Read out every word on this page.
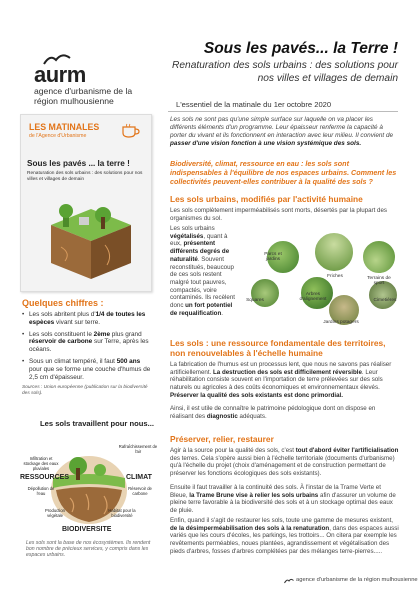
aurm
agence d'urbanisme de la région mulhousienne
Sous les pavés... la Terre !
Renaturation des sols urbains : des solutions pour nos villes et villages de demain
L'essentiel de la matinale du 1er octobre 2020
LES MATINALES
de l'Agence d'Urbanisme
Sous les pavés ... la terre !
Renaturation des sols urbains : des solutions pour nos villes et villages de demain
Quelques chiffres :
• Les sols abritent plus d'1/4 de toutes les espèces vivant sur terre.
• Les sols constituent le 2ème plus grand réservoir de carbone sur Terre, après les océans.
• Sous un climat tempéré, il faut 500 ans pour que se forme une couche d'humus de 2,5 cm d'épaisseur.
Sources : Union européenne (publication sur la biodiversité des sols).
Les sols travaillent pour nous...
Infiltration et stockage des eaux pluviales
Rafraîchissement de l'air
RESSOURCES	CLIMAT
Dépollution de l'eau
Réservoir de carbone
Production végétale
Habitat pour la biodiversité
BIODIVERSITE
Les sols sont la base de nos écosystèmes. Ils rendent bon nombre de précieux services, y compris dans les espaces urbains.
Les sols ne sont pas qu'une simple surface sur laquelle on va placer les différents éléments d'un programme. Leur épaisseur renferme la capacité à porter du vivant et ils fonctionnent en interaction avec leur milieu. Il convient de passer d'une vision fonction à une vision systémique des sols.
Biodiversité, climat, ressource en eau : les sols sont indispensables à l'équilibre de nos espaces urbains. Comment les collectivités peuvent-elles contribuer à la qualité des sols ?
Les sols urbains, modifiés par l'activité humaine
Les sols complètement imperméabilisés sont morts, désertés par la plupart des organismes du sol.
Les sols urbains végétalisés, quant à eux, présentent différents degrés de naturalité. Souvent reconstitués, beaucoup de ces sols restent malgré tout pauvres, compactés, voire contaminés. Ils recèlent donc un fort potentiel de requalification.
Friches
Parcs et jardins
Terrains de sport
Squares
Arbres d'alignement	Cimetières
Jardins potagers
Les sols : une ressource fondamentale des territoires, non renouvelables à l'échelle humaine
La fabrication de l'humus est un processus lent, que nous ne savons pas réaliser artificiellement. La destruction des sols est difficilement réversible. Leur réhabilitation consiste souvent en l'importation de terre prélevées sur des sols naturels ou agricoles à des coûts économiques et environnementaux élevés. Préserver la qualité des sols existants est donc primordial.
Ainsi, il est utile de connaître le patrimoine pédologique dont on dispose en réalisant des diagnostic adéquats.
Préserver, relier, restaurer
Agir à la source pour la qualité des sols, c'est tout d'abord éviter l'artificialisation des terres. Cela s'opère aussi bien à l'échelle territoriale (documents d'urbanisme) qu'à l'échelle du projet (choix d'aménagement et de construction permettant de préserver les fonctions écologiques des sols existants).
Ensuite il faut travailler à la continuité des sols. À l'instar de la Trame Verte et Bleue, la Trame Brune vise à relier les sols urbains afin d'assurer un volume de pleine terre favorable à la biodiversité des sols et à un stockage optimal des eaux de pluie.
Enfin, quand il s'agit de restaurer les sols, toute une gamme de mesures existent, de la désimperméabilisation des sols à la renaturation, dans des espaces aussi variés que les cours d'écoles, les parkings, les trottoirs... On citera par exemple les revêtements perméables, noues plantées, agrandissement et végétalisation des pieds d'arbres, fosses d'arbres complétées par des mélanges terre-pierres.....
agence d'urbanisme de la région mulhousienne
